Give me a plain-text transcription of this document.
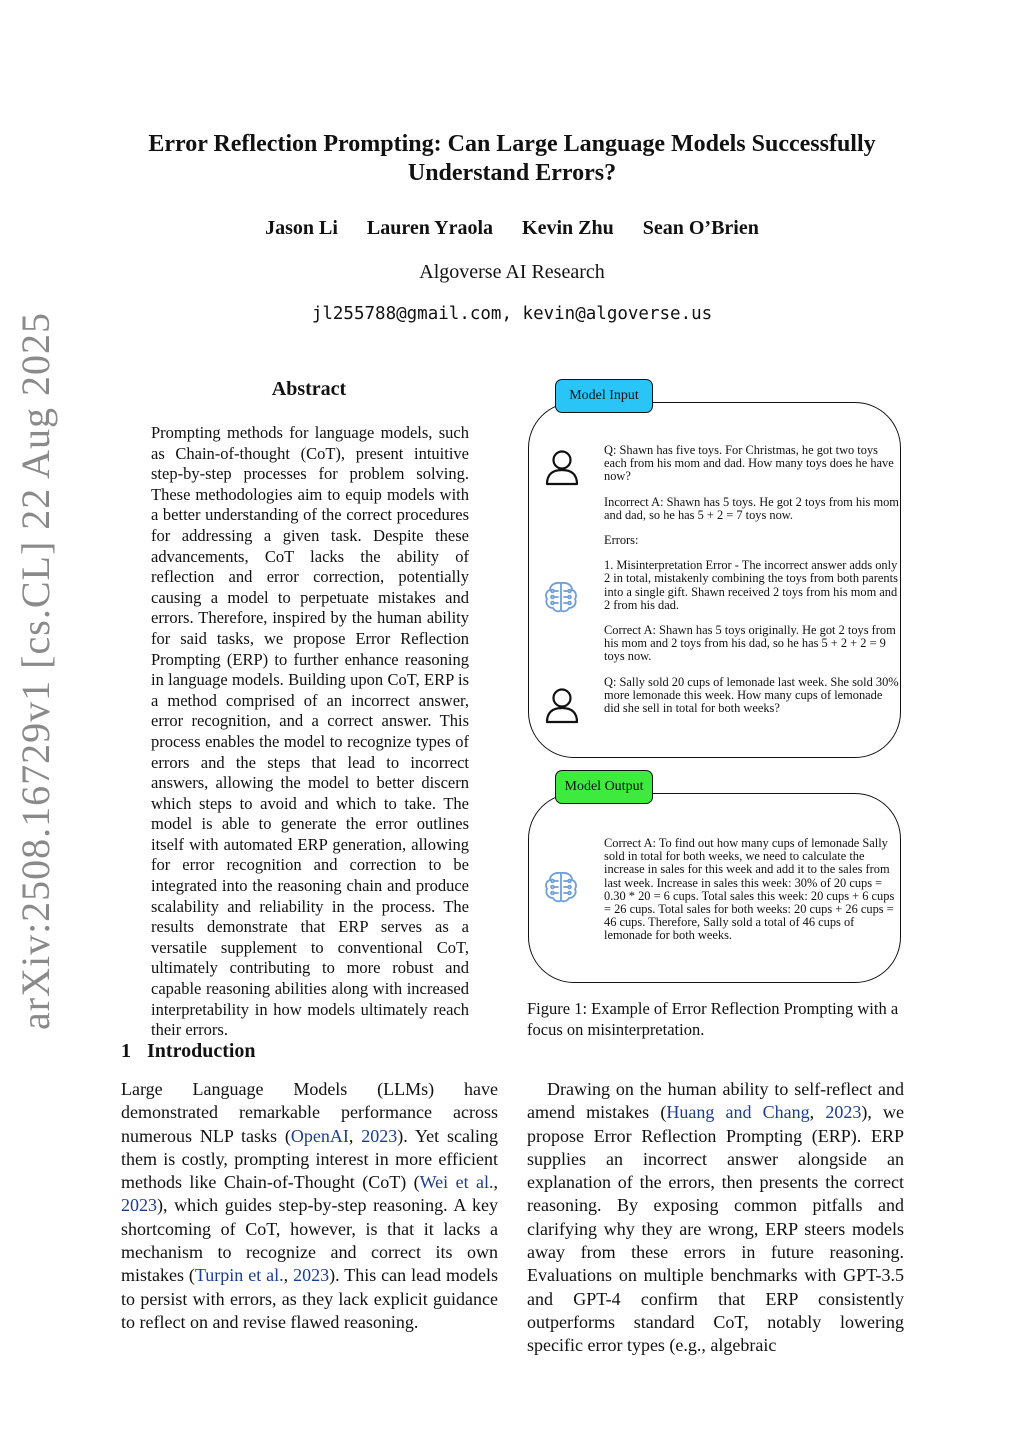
arXiv:2508.16729v1 [cs.CL] 22 Aug 2025
Error Reflection Prompting: Can Large Language Models Successfully
Understand Errors?
Jason Li Lauren Yraola Kevin Zhu Sean O’Brien
Algoverse AI Research
jl255788@gmail.com, kevin@algoverse.us
Abstract
Prompting methods for language models, such as Chain-of-thought (CoT), present intuitive step-by-step processes for problem solving. These methodologies aim to equip models with a better understanding of the correct procedures for addressing a given task. Despite these advancements, CoT lacks the ability of reflection and error correction, potentially causing a model to perpetuate mistakes and errors. Therefore, inspired by the human ability for said tasks, we propose Error Reflection Prompting (ERP) to further enhance reasoning in language models. Building upon CoT, ERP is a method comprised of an incorrect answer, error recognition, and a correct answer. This process enables the model to recognize types of errors and the steps that lead to incorrect answers, allowing the model to better discern which steps to avoid and which to take. The model is able to generate the error outlines itself with automated ERP generation, allowing for error recognition and correction to be integrated into the reasoning chain and produce scalability and reliability in the process. The results demonstrate that ERP serves as a versatile supplement to conventional CoT, ultimately contributing to more robust and capable reasoning abilities along with increased interpretability in how models ultimately reach their errors.
Model Input

Q: Shawn has five toys. For Christmas, he got two toys each from his mom and dad. How many toys does he have now?

Incorrect A: Shawn has 5 toys. He got 2 toys from his mom and dad, so he has 5 + 2 = 7 toys now.

Errors:

1. Misinterpretation Error - The incorrect answer adds only 2 in total, mistakenly combining the toys from both parents into a single gift. Shawn received 2 toys from his mom and 2 from his dad.

Correct A: Shawn has 5 toys originally. He got 2 toys from his mom and 2 toys from his dad, so he has 5 + 2 + 2 = 9 toys now.

Q: Sally sold 20 cups of lemonade last week. She sold 30% more lemonade this week. How many cups of lemonade did she sell in total for both weeks?

Model Output
Correct A: To find out how many cups of lemonade Sally sold in total for both weeks, we need to calculate the increase in sales for this week and add it to the sales from last week. Increase in sales this week: 30% of 20 cups = 0.30 * 20 = 6 cups. Total sales this week: 20 cups + 6 cups = 26 cups. Total sales for both weeks: 20 cups + 26 cups = 46 cups. Therefore, Sally sold a total of 46 cups of lemonade for both weeks.
Figure 1: Example of Error Reflection Prompting with a focus on misinterpretation.
1 Introduction
Large Language Models (LLMs) have demonstrated remarkable performance across numerous NLP tasks (OpenAI, 2023). Yet scaling them is costly, prompting interest in more efficient methods like Chain-of-Thought (CoT) (Wei et al., 2023), which guides step-by-step reasoning. A key shortcoming of CoT, however, is that it lacks a mechanism to recognize and correct its own mistakes (Turpin et al., 2023). This can lead models to persist with errors, as they lack explicit guidance to reflect on and revise flawed reasoning.
Drawing on the human ability to self-reflect and amend mistakes (Huang and Chang, 2023), we propose Error Reflection Prompting (ERP). ERP supplies an incorrect answer alongside an explanation of the errors, then presents the correct reasoning. By exposing common pitfalls and clarifying why they are wrong, ERP steers models away from these errors in future reasoning. Evaluations on multiple benchmarks with GPT-3.5 and GPT-4 confirm that ERP consistently outperforms standard CoT, notably lowering specific error types (e.g., algebraic
